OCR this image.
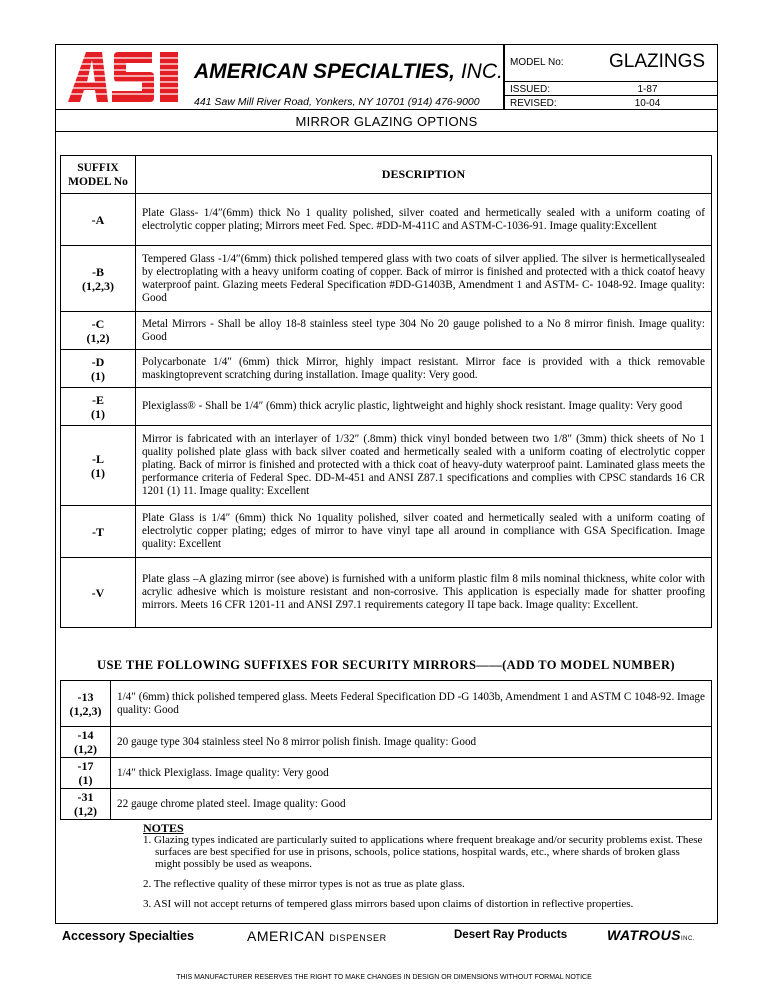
AMERICAN SPECIALTIES, INC.
441 Saw Mill River Road, Yonkers, NY 10701 (914) 476-9000
MODEL No: GLAZINGS
ISSUED:	1-87
REVISED:	10-04
MIRROR GLAZING OPTIONS
SUFFIX
MODEL No	DESCRIPTION

-A	Plate Glass- 1/4″(6mm) thick No 1 quality polished, silver coated and hermetically sealed with a uniform coating of electrolytic copper plating; Mirrors meet Fed. Spec. #DD-M-411C and ASTM-C-1036-91. Image quality:Excellent

-B
(1,2,3)	Tempered Glass -1/4″(6mm) thick polished tempered glass with two coats of silver applied. The silver is hermeticallysealed by electroplating with a heavy uniform coating of copper. Back of mirror is finished and protected with a thick coatof heavy waterproof paint. Glazing meets Federal Specification #DD-G1403B, Amendment 1 and ASTM- C- 1048-92. Image quality: Good

-C
(1,2)	Metal Mirrors - Shall be alloy 18-8 stainless steel type 304 No 20 gauge polished to a No 8 mirror finish. Image quality: Good

-D
(1)	Polycarbonate 1/4″ (6mm) thick Mirror, highly impact resistant. Mirror face is provided with a thick removable maskingtoprevent scratching during installation. Image quality: Very good.

-E
(1)	Plexiglass® - Shall be 1/4″ (6mm) thick acrylic plastic, lightweight and highly shock resistant. Image quality: Very good

-L
(1)	Mirror is fabricated with an interlayer of 1/32″ (.8mm) thick vinyl bonded between two 1/8″ (3mm) thick sheets of No 1 quality polished plate glass with back silver coated and hermetically sealed with a uniform coating of electrolytic copper plating. Back of mirror is finished and protected with a thick coat of heavy-duty waterproof paint. Laminated glass meets the performance criteria of Federal Spec. DD-M-451 and ANSI Z87.1 specifications and complies with CPSC standards 16 CR 1201 (1) 11. Image quality: Excellent

-T	Plate Glass is 1/4″ (6mm) thick No 1quality polished, silver coated and hermetically sealed with a uniform coating of electrolytic copper plating; edges of mirror to have vinyl tape all around in compliance with GSA Specification. Image quality: Excellent

-V	Plate glass –A glazing mirror (see above) is furnished with a uniform plastic film 8 mils nominal thickness, white color with acrylic adhesive which is moisture resistant and non-corrosive. This application is especially made for shatter proofing mirrors. Meets 16 CFR 1201-11 and ANSI Z97.1 requirements category II tape back. Image quality: Excellent.
USE THE FOLLOWING SUFFIXES FOR SECURITY MIRRORS——(ADD TO MODEL NUMBER)
-13
(1,2,3)	1/4″ (6mm) thick polished tempered glass. Meets Federal Specification DD -G 1403b, Amendment 1 and ASTM C 1048-92. Image quality: Good

-14
(1,2)	20 gauge type 304 stainless steel No 8 mirror polish finish. Image quality: Good

-17
(1)	1/4″ thick Plexiglass. Image quality: Very good

-31
(1,2)	22 gauge chrome plated steel. Image quality: Good

NOTES

1. Glazing types indicated are particularly suited to applications where frequent breakage and/or security problems exist. These surfaces are best specified for use in prisons, schools, police stations, hospital wards, etc., where shards of broken glass might possibly be used as weapons.

2. The reflective quality of these mirror types is not as true as plate glass.

3. ASI will not accept returns of tempered glass mirrors based upon claims of distortion in reflective properties.

Accessory Specialties	AMERICAN DISPENSER	Desert Ray Products	WATROUSINC.
THIS MANUFACTURER RESERVES THE RIGHT TO MAKE CHANGES IN DESIGN OR DIMENSIONS WITHOUT FORMAL NOTICE
